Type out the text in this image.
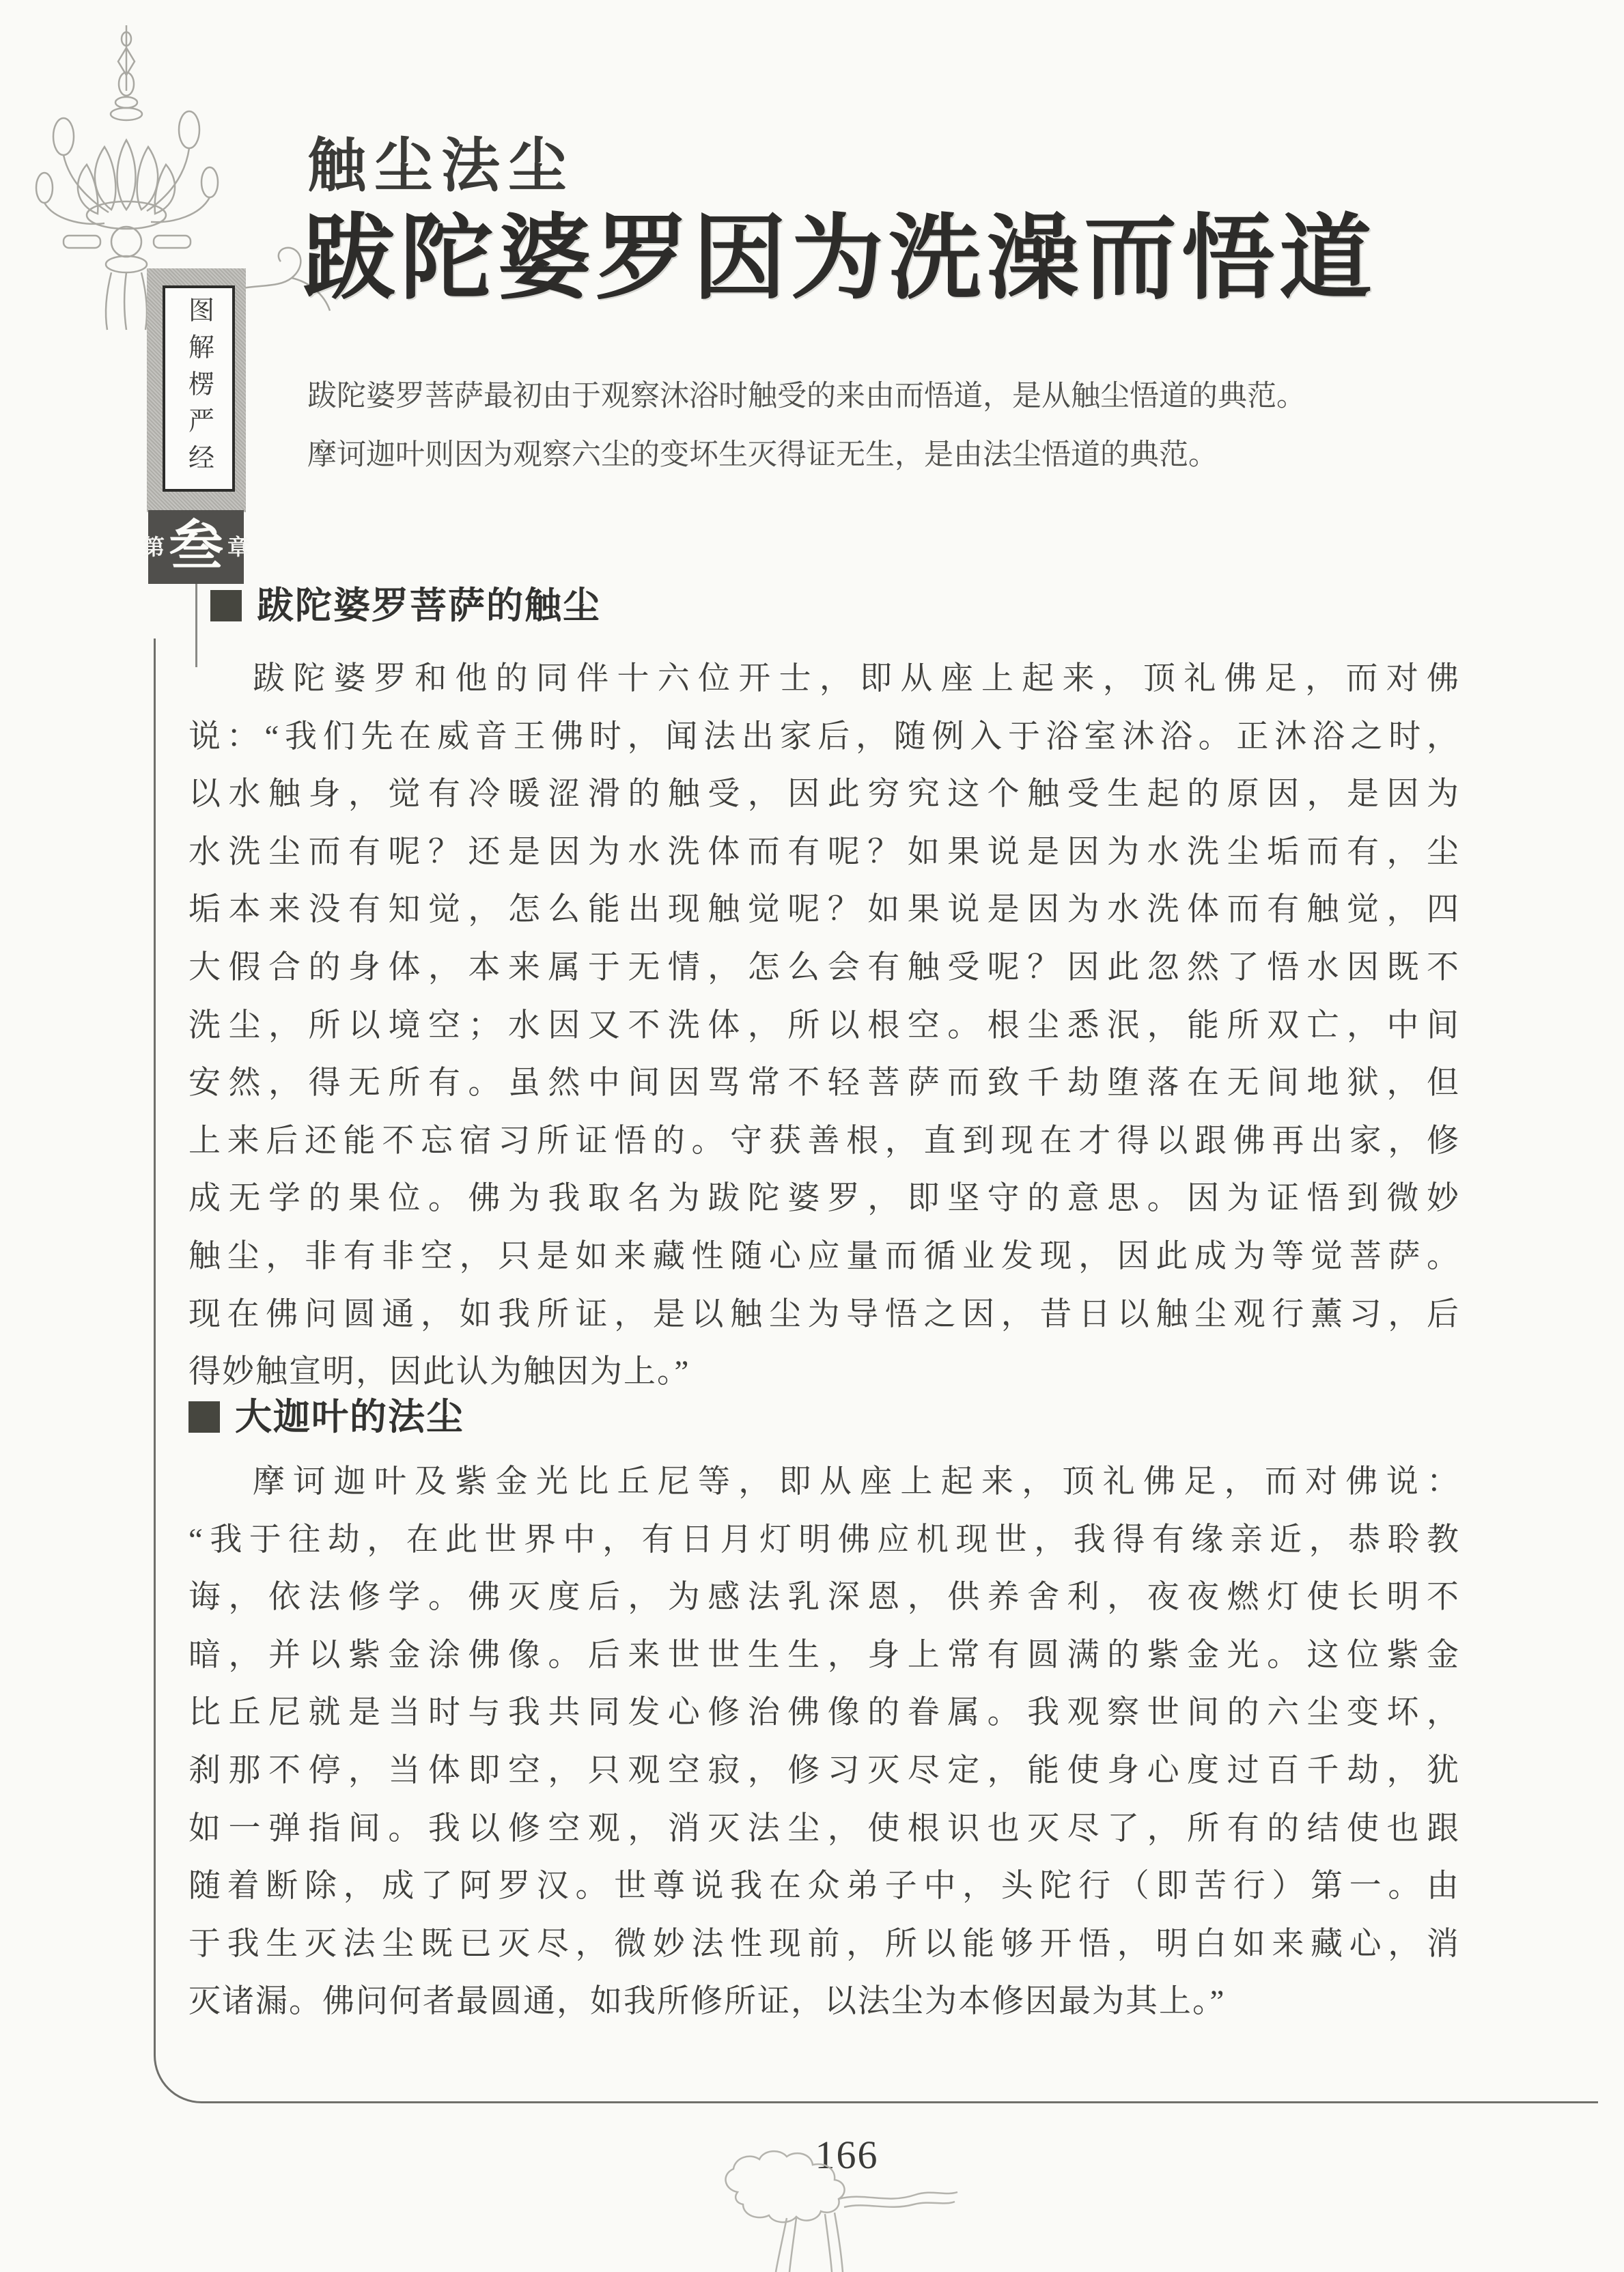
图解楞严经
第 叁 章
触尘法尘
跋陀婆罗因为洗澡而悟道
跋陀婆罗菩萨最初由于观察沐浴时触受的来由而悟道，是从触尘悟道的典范。
摩诃迦叶则因为观察六尘的变坏生灭得证无生，是由法尘悟道的典范。
跋陀婆罗菩萨的触尘
跋陀婆罗和他的同伴十六位开士，即从座上起来，顶礼佛足，而对佛
说：“我们先在威音王佛时，闻法出家后，随例入于浴室沐浴。正沐浴之时，
以水触身，觉有冷暖涩滑的触受，因此穷究这个触受生起的原因，是因为
水洗尘而有呢？还是因为水洗体而有呢？如果说是因为水洗尘垢而有，尘
垢本来没有知觉，怎么能出现触觉呢？如果说是因为水洗体而有触觉，四
大假合的身体，本来属于无情，怎么会有触受呢？因此忽然了悟水因既不
洗尘，所以境空；水因又不洗体，所以根空。根尘悉泯，能所双亡，中间
安然，得无所有。虽然中间因骂常不轻菩萨而致千劫堕落在无间地狱，但
上来后还能不忘宿习所证悟的。守获善根，直到现在才得以跟佛再出家，修
成无学的果位。佛为我取名为跋陀婆罗，即坚守的意思。因为证悟到微妙
触尘，非有非空，只是如来藏性随心应量而循业发现，因此成为等觉菩萨。
现在佛问圆通，如我所证，是以触尘为导悟之因，昔日以触尘观行薰习，后
得妙触宣明，因此认为触因为上。”
大迦叶的法尘
摩诃迦叶及紫金光比丘尼等，即从座上起来，顶礼佛足，而对佛说：
“我于往劫，在此世界中，有日月灯明佛应机现世，我得有缘亲近，恭聆教
诲，依法修学。佛灭度后，为感法乳深恩，供养舍利，夜夜燃灯使长明不
暗，并以紫金涂佛像。后来世世生生，身上常有圆满的紫金光。这位紫金
比丘尼就是当时与我共同发心修治佛像的眷属。我观察世间的六尘变坏，
刹那不停，当体即空，只观空寂，修习灭尽定，能使身心度过百千劫，犹
如一弹指间。我以修空观，消灭法尘，使根识也灭尽了，所有的结使也跟
随着断除，成了阿罗汉。世尊说我在众弟子中，头陀行（即苦行）第一。由
于我生灭法尘既已灭尽，微妙法性现前，所以能够开悟，明白如来藏心，消
灭诸漏。佛问何者最圆通，如我所修所证，以法尘为本修因最为其上。”
166
